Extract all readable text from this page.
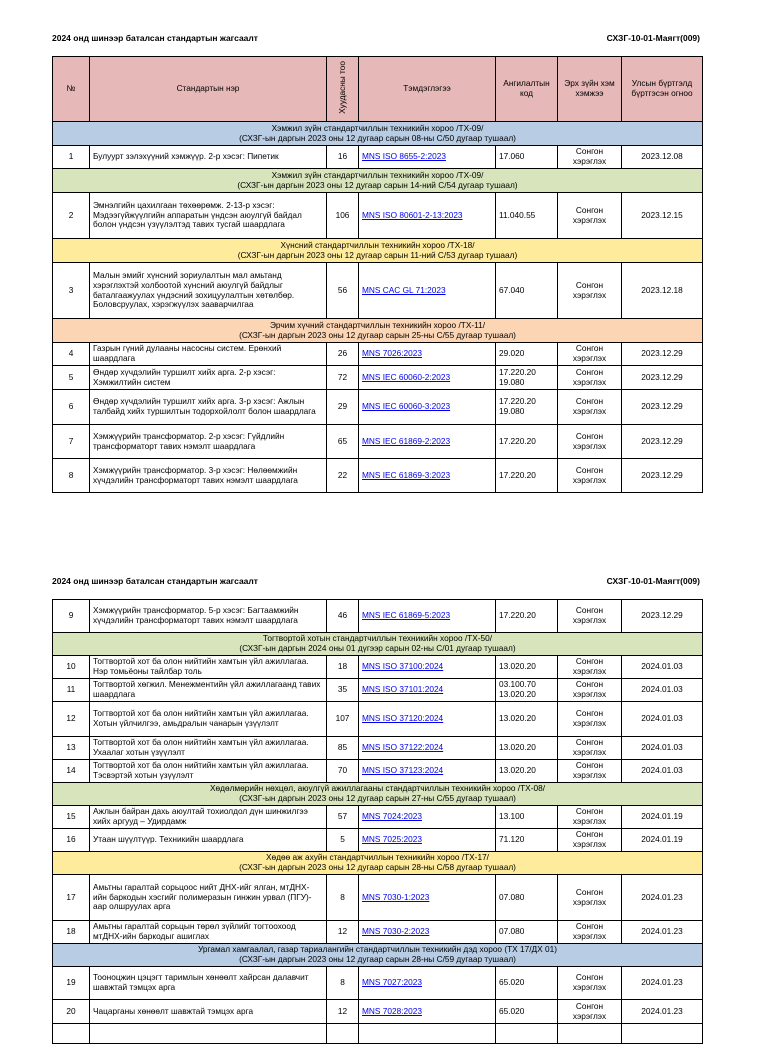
2024 онд шинээр баталсан стандартын жагсаалт	СХЗГ-10-01-Маягт(009)
№	Стандартын нэр	Хуудасны тоо	Тэмдэглэгээ	Ангилалтын код	Эрх зүйн хэм хэмжээ	Улсын бүртгэлд бүртгэсэн огноо

Хэмжил зүйн стандартчиллын техникийн хороо /ТХ-09/
(СХЗГ-ын даргын 2023 оны 12 дугаар сарын 08-ны С/50 дугаар тушаал)						

1	Булуурт зэлэхүүний хэмжүүр. 2-р хэсэг: Пипетик	16	MNS ISO 8655-2:2023	17.060	Сонгон хэрэглэх	2023.12.08

Хэмжил зүйн стандартчиллын техникийн хороо /ТХ-09/
(СХЗГ-ын даргын 2023 оны 12 дугаар сарын 14-ний С/54 дугаар тушаал)						

2	Эмнэлгийн цахилгаан төхөөрөмж. 2-13-р хэсэг: Мэдээгүйжүүлгийн аппаратын үндсэн аюулгүй байдал болон үндсэн үзүүлэлтэд тавих тусгай шаардлага	106	MNS ISO 80601-2-13:2023	11.040.55	Сонгон хэрэглэх	2023.12.15

Хүнсний стандартчиллын техникийн хороо /ТХ-18/
(СХЗГ-ын даргын 2023 оны 12 дугаар сарын 11-ний С/53 дугаар тушаал)						

3	Малын эмийг хүнсний зориулалтын мал амьтанд хэрэглэхтэй холбоотой хүнсний аюулгүй байдлыг баталгаажуулах үндэсний зохицуулалтын хөтөлбөр. Боловсруулах, хэрэгжүүлэх зааварчилгаа	56	MNS CAC GL 71:2023	67.040	Сонгон хэрэглэх	2023.12.18

Эрчим хүчний стандартчиллын техникийн хороо /ТХ-11/
(СХЗГ-ын даргын 2023 оны 12 дугаар сарын 25-ны С/55 дугаар тушаал)						

4	Газрын гүний дулааны насосны систем. Ерөнхий шаардлага	26	MNS 7026:2023	29.020	Сонгон хэрэглэх	2023.12.29
5	Өндөр хүчдэлийн туршилт хийх арга. 2-р хэсэг: Хэмжилтийн систем	72	MNS IEC 60060-2:2023	17.220.20
19.080	Сонгон хэрэглэх	2023.12.29
6	Өндөр хүчдэлийн туршилт хийх арга. 3-р хэсэг: Ажлын талбайд хийх туршилтын тодорхойлолт болон шаардлага	29	MNS IEC 60060-3:2023	17.220.20
19.080	Сонгон хэрэглэх	2023.12.29
7	Хэмжүүрийн трансформатор. 2-р хэсэг: Гүйдлийн трансформаторт тавих нэмэлт шаардлага	65	MNS IEC 61869-2:2023	17.220.20	Сонгон хэрэглэх	2023.12.29
8	Хэмжүүрийн трансформатор. 3-р хэсэг: Нөлөөмжийн хүчдэлийн трансформаторт тавих нэмэлт шаардлага	22	MNS IEC 61869-3:2023	17.220.20	Сонгон хэрэглэх	2023.12.29
2024 онд шинээр баталсан стандартын жагсаалт	СХЗГ-10-01-Маягт(009)
9	Хэмжүүрийн трансформатор. 5-р хэсэг: Багтаамжийн хүчдэлийн трансформаторт тавих нэмэлт шаардлага	46	MNS IEC 61869-5:2023	17.220.20	Сонгон хэрэглэх	2023.12.29

Тогтвортой хотын стандартчиллын техникийн хороо /ТХ-50/
(СХЗГ-ын даргын 2024 оны 01 дүгээр сарын 02-ны С/01 дугаар тушаал)						

10	Тогтвортой хот ба олон нийтийн хамтын үйл ажиллагаа. Нэр томьёоны тайлбар толь	18	MNS ISO 37100:2024	13.020.20	Сонгон хэрэглэх	2024.01.03
11	Тогтвортой хөгжил. Менежментийн үйл ажиллагаанд тавих шаардлага	35	MNS ISO 37101:2024	03.100.70
13.020.20	Сонгон хэрэглэх	2024.01.03
12	Тогтвортой хот ба олон нийтийн хамтын үйл ажиллагаа. Хотын үйлчилгээ, амьдралын чанарын үзүүлэлт	107	MNS ISO 37120:2024	13.020.20	Сонгон хэрэглэх	2024.01.03
13	Тогтвортой хот ба олон нийтийн хамтын үйл ажиллагаа. Ухаалаг хотын үзүүлэлт	85	MNS ISO 37122:2024	13.020.20	Сонгон хэрэглэх	2024.01.03
14	Тогтвортой хот ба олон нийтийн хамтын үйл ажиллагаа. Тэсвэртэй хотын үзүүлэлт	70	MNS ISO 37123:2024	13.020.20	Сонгон хэрэглэх	2024.01.03

Хөдөлмөрийн нөхцөл, аюулгүй ажиллагааны стандартчиллын техникийн хороо /ТХ-08/
(СХЗГ-ын даргын 2023 оны 12 дугаар сарын 27-ны С/55 дугаар тушаал)						

15	Ажлын байран дахь аюултай тохиолдол дүн шинжилгээ хийх аргууд – Удирдамж	57	MNS 7024:2023	13.100	Сонгон хэрэглэх	2024.01.19
16	Утаан шүүлтүүр. Техникийн шаардлага	5	MNS 7025:2023	71.120	Сонгон хэрэглэх	2024.01.19

Хөдөө аж ахуйн стандартчиллын техникийн хороо /ТХ-17/
(СХЗГ-ын даргын 2023 оны 12 дугаар сарын 28-ны С/58 дугаар тушаал)						

17	Амьтны гаралтай сорьцоос нийт ДНХ-ийг ялган, мтДНХ-ийн баркодын хэсгийг полимеразын гинжин урвал (ПГУ)-аар олшруулах арга	8	MNS 7030-1:2023	07.080	Сонгон хэрэглэх	2024.01.23
18	Амьтны гаралтай сорьцын төрөл зүйлийг тогтоохоод мтДНХ-ийн баркодыг ашиглах	12	MNS 7030-2:2023	07.080	Сонгон хэрэглэх	2024.01.23

Ургамал хамгаалал, газар тариалангийн стандартчиллын техникийн дэд хороо (ТХ 17/ДХ 01)
(СХЗГ-ын даргын 2023 оны 12 дугаар сарын 28-ны С/59 дугаар тушаал)						

19	Тооноцжин цэцэгт таримлын хөнөөлт хайрсан далавчит шавжтай тэмцэх арга	8	MNS 7027:2023	65.020	Сонгон хэрэглэх	2024.01.23
20	Чацарганы хөнөөлт шавжтай тэмцэх арга	12	MNS 7028:2023	65.020	Сонгон хэрэглэх	2024.01.23
